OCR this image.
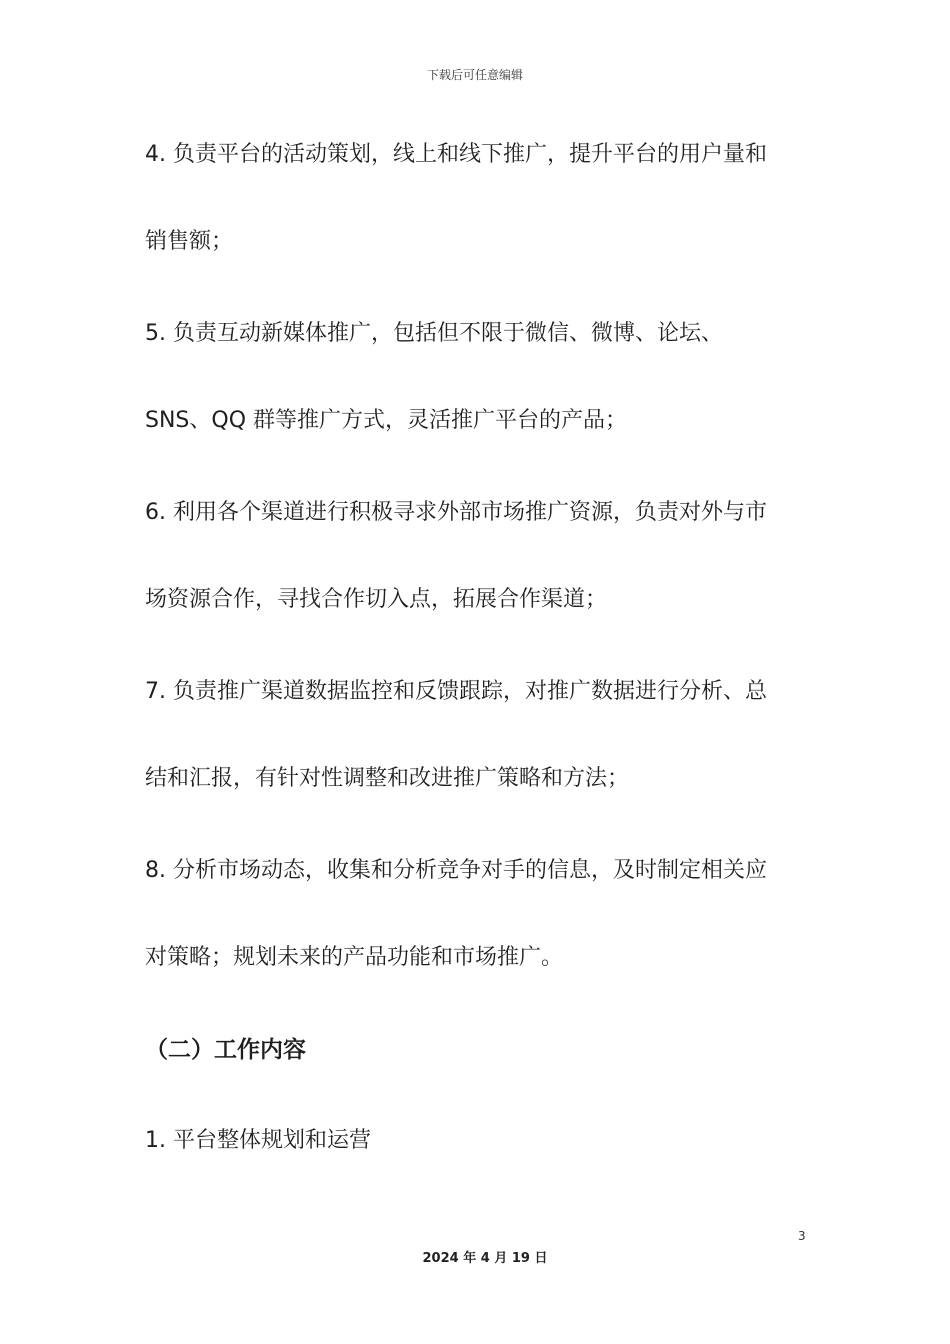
下载后可任意编辑
4. 负责平台的活动策划，线上和线下推广，提升平台的用户量和
销售额；
5. 负责互动新媒体推广，包括但不限于微信、微博、论坛、
SNS、QQ 群等推广方式，灵活推广平台的产品；
6. 利用各个渠道进行积极寻求外部市场推广资源，负责对外与市
场资源合作，寻找合作切入点，拓展合作渠道；
7. 负责推广渠道数据监控和反馈跟踪，对推广数据进行分析、总
结和汇报，有针对性调整和改进推广策略和方法；
8. 分析市场动态，收集和分析竞争对手的信息，及时制定相关应
对策略；规划未来的产品功能和市场推广。
（二）工作内容
1. 平台整体规划和运营
3
2024 年 4 月 19 日
